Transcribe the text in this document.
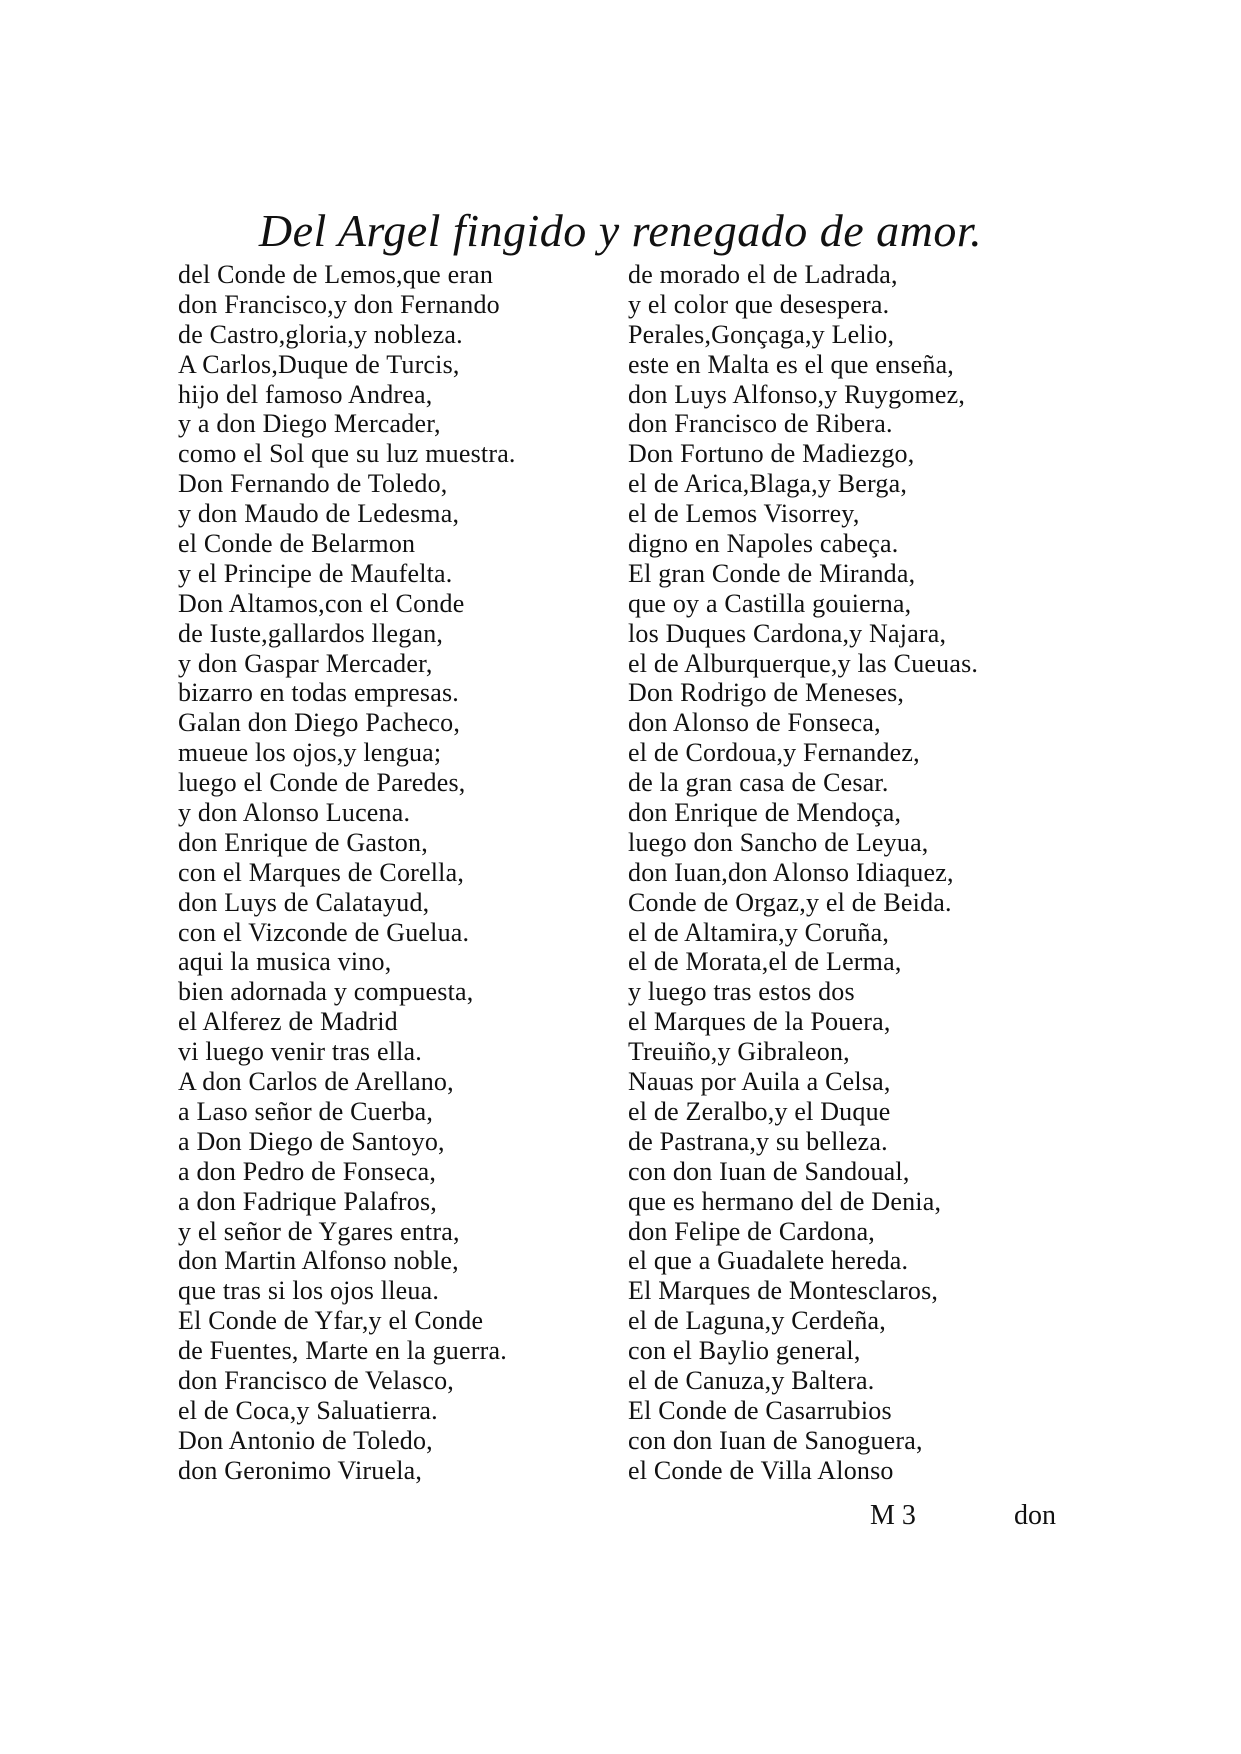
Del Argel fingido y renegado de amor.
del Conde de Lemos,que eran
don Francisco,y don Fernando
de Castro,gloria,y nobleza.
A Carlos,Duque de Turcis,
hijo del famoso Andrea,
y a don Diego Mercader,
como el Sol que su luz muestra.
Don Fernando de Toledo,
y don Maudo de Ledesma,
el Conde de Belarmon
y el Principe de Maufelta.
Don Altamos,con el Conde
de Iuste,gallardos llegan,
y don Gaspar Mercader,
bizarro en todas empresas.
Galan don Diego Pacheco,
mueue los ojos,y lengua;
luego el Conde de Paredes,
y don Alonso Lucena.
don Enrique de Gaston,
con el Marques de Corella,
don Luys de Calatayud,
con el Vizconde de Guelua.
aqui la musica vino,
bien adornada y compuesta,
el Alferez de Madrid
vi luego venir tras ella.
A don Carlos de Arellano,
a Laso señor de Cuerba,
a Don Diego de Santoyo,
a don Pedro de Fonseca,
a don Fadrique Palafros,
y el señor de Ygares entra,
don Martin Alfonso noble,
que tras si los ojos lleua.
El Conde de Yfar,y el Conde
de Fuentes, Marte en la guerra.
don Francisco de Velasco,
el de Coca,y Saluatierra.
Don Antonio de Toledo,
don Geronimo Viruela,
de morado el de Ladrada,
y el color que desespera.
Perales,Gonçaga,y Lelio,
este en Malta es el que enseña,
don Luys Alfonso,y Ruygomez,
don Francisco de Ribera.
Don Fortuno de Madiezgo,
el de Arica,Blaga,y Berga,
el de Lemos Visorrey,
digno en Napoles cabeça.
El gran Conde de Miranda,
que oy a Castilla gouierna,
los Duques Cardona,y Najara,
el de Alburquerque,y las Cueuas.
Don Rodrigo de Meneses,
don Alonso de Fonseca,
el de Cordoua,y Fernandez,
de la gran casa de Cesar.
don Enrique de Mendoça,
luego don Sancho de Leyua,
don Iuan,don Alonso Idiaquez,
Conde de Orgaz,y el de Beida.
el de Altamira,y Coruña,
el de Morata,el de Lerma,
y luego tras estos dos
el Marques de la Pouera,
Treuiño,y Gibraleon,
Nauas por Auila a Celsa,
el de Zeralbo,y el Duque
de Pastrana,y su belleza.
con don Iuan de Sandoual,
que es hermano del de Denia,
don Felipe de Cardona,
el que a Guadalete hereda.
El Marques de Montesclaros,
el de Laguna,y Cerdeña,
con el Baylio general,
el de Canuza,y Baltera.
El Conde de Casarrubios
con don Iuan de Sanoguera,
el Conde de Villa Alonso
M 3	don
